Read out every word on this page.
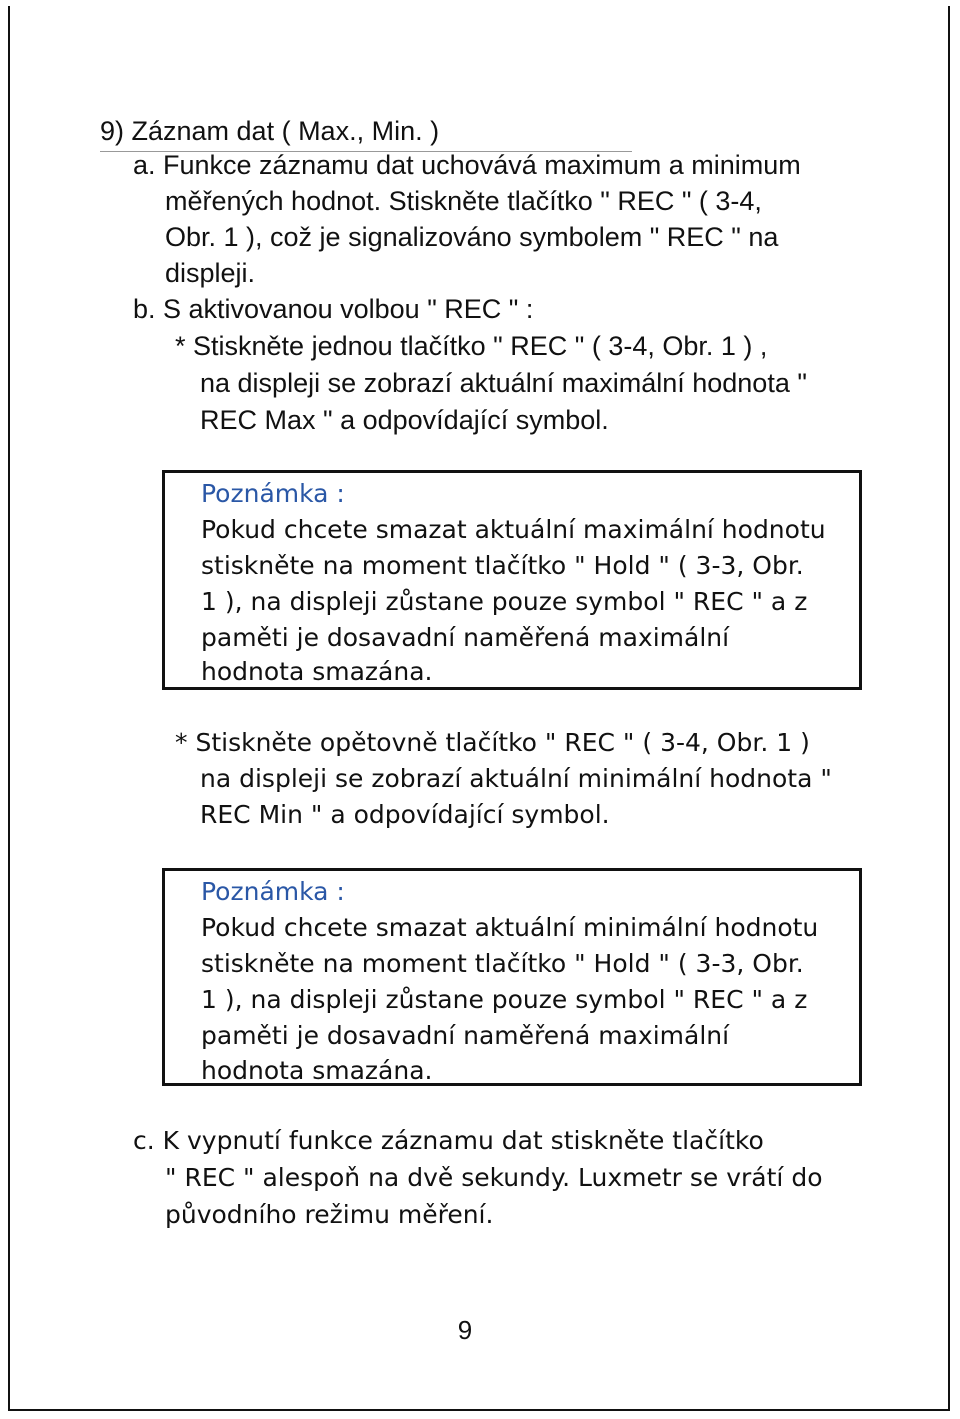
9) Záznam dat ( Max., Min. )
a. Funkce záznamu dat uchovává maximum a minimum
měřených hodnot. Stiskněte tlačítko " REC " ( 3-4,
Obr. 1 ), což je signalizováno symbolem " REC " na
displeji.
b. S aktivovanou volbou " REC " :
* Stiskněte jednou tlačítko " REC " ( 3-4, Obr. 1 ) ,
na displeji se zobrazí aktuální maximální hodnota "
REC Max " a odpovídající symbol.
Poznámka :
Pokud chcete smazat aktuální maximální hodnotu
stiskněte na moment tlačítko " Hold " ( 3-3, Obr.
1 ), na displeji zůstane pouze symbol " REC " a z
paměti je dosavadní naměřená maximální
hodnota smazána.
* Stiskněte opětovně tlačítko " REC " ( 3-4, Obr. 1 )
na displeji se zobrazí aktuální minimální hodnota "
REC Min " a odpovídající symbol.
Poznámka :
Pokud chcete smazat aktuální minimální hodnotu
stiskněte na moment tlačítko " Hold " ( 3-3, Obr.
1 ), na displeji zůstane pouze symbol " REC " a z
paměti je dosavadní naměřená maximální
hodnota smazána.
c. K vypnutí funkce záznamu dat stiskněte tlačítko
" REC " alespoň na dvě sekundy. Luxmetr se vrátí do
původního režimu měření.
9
